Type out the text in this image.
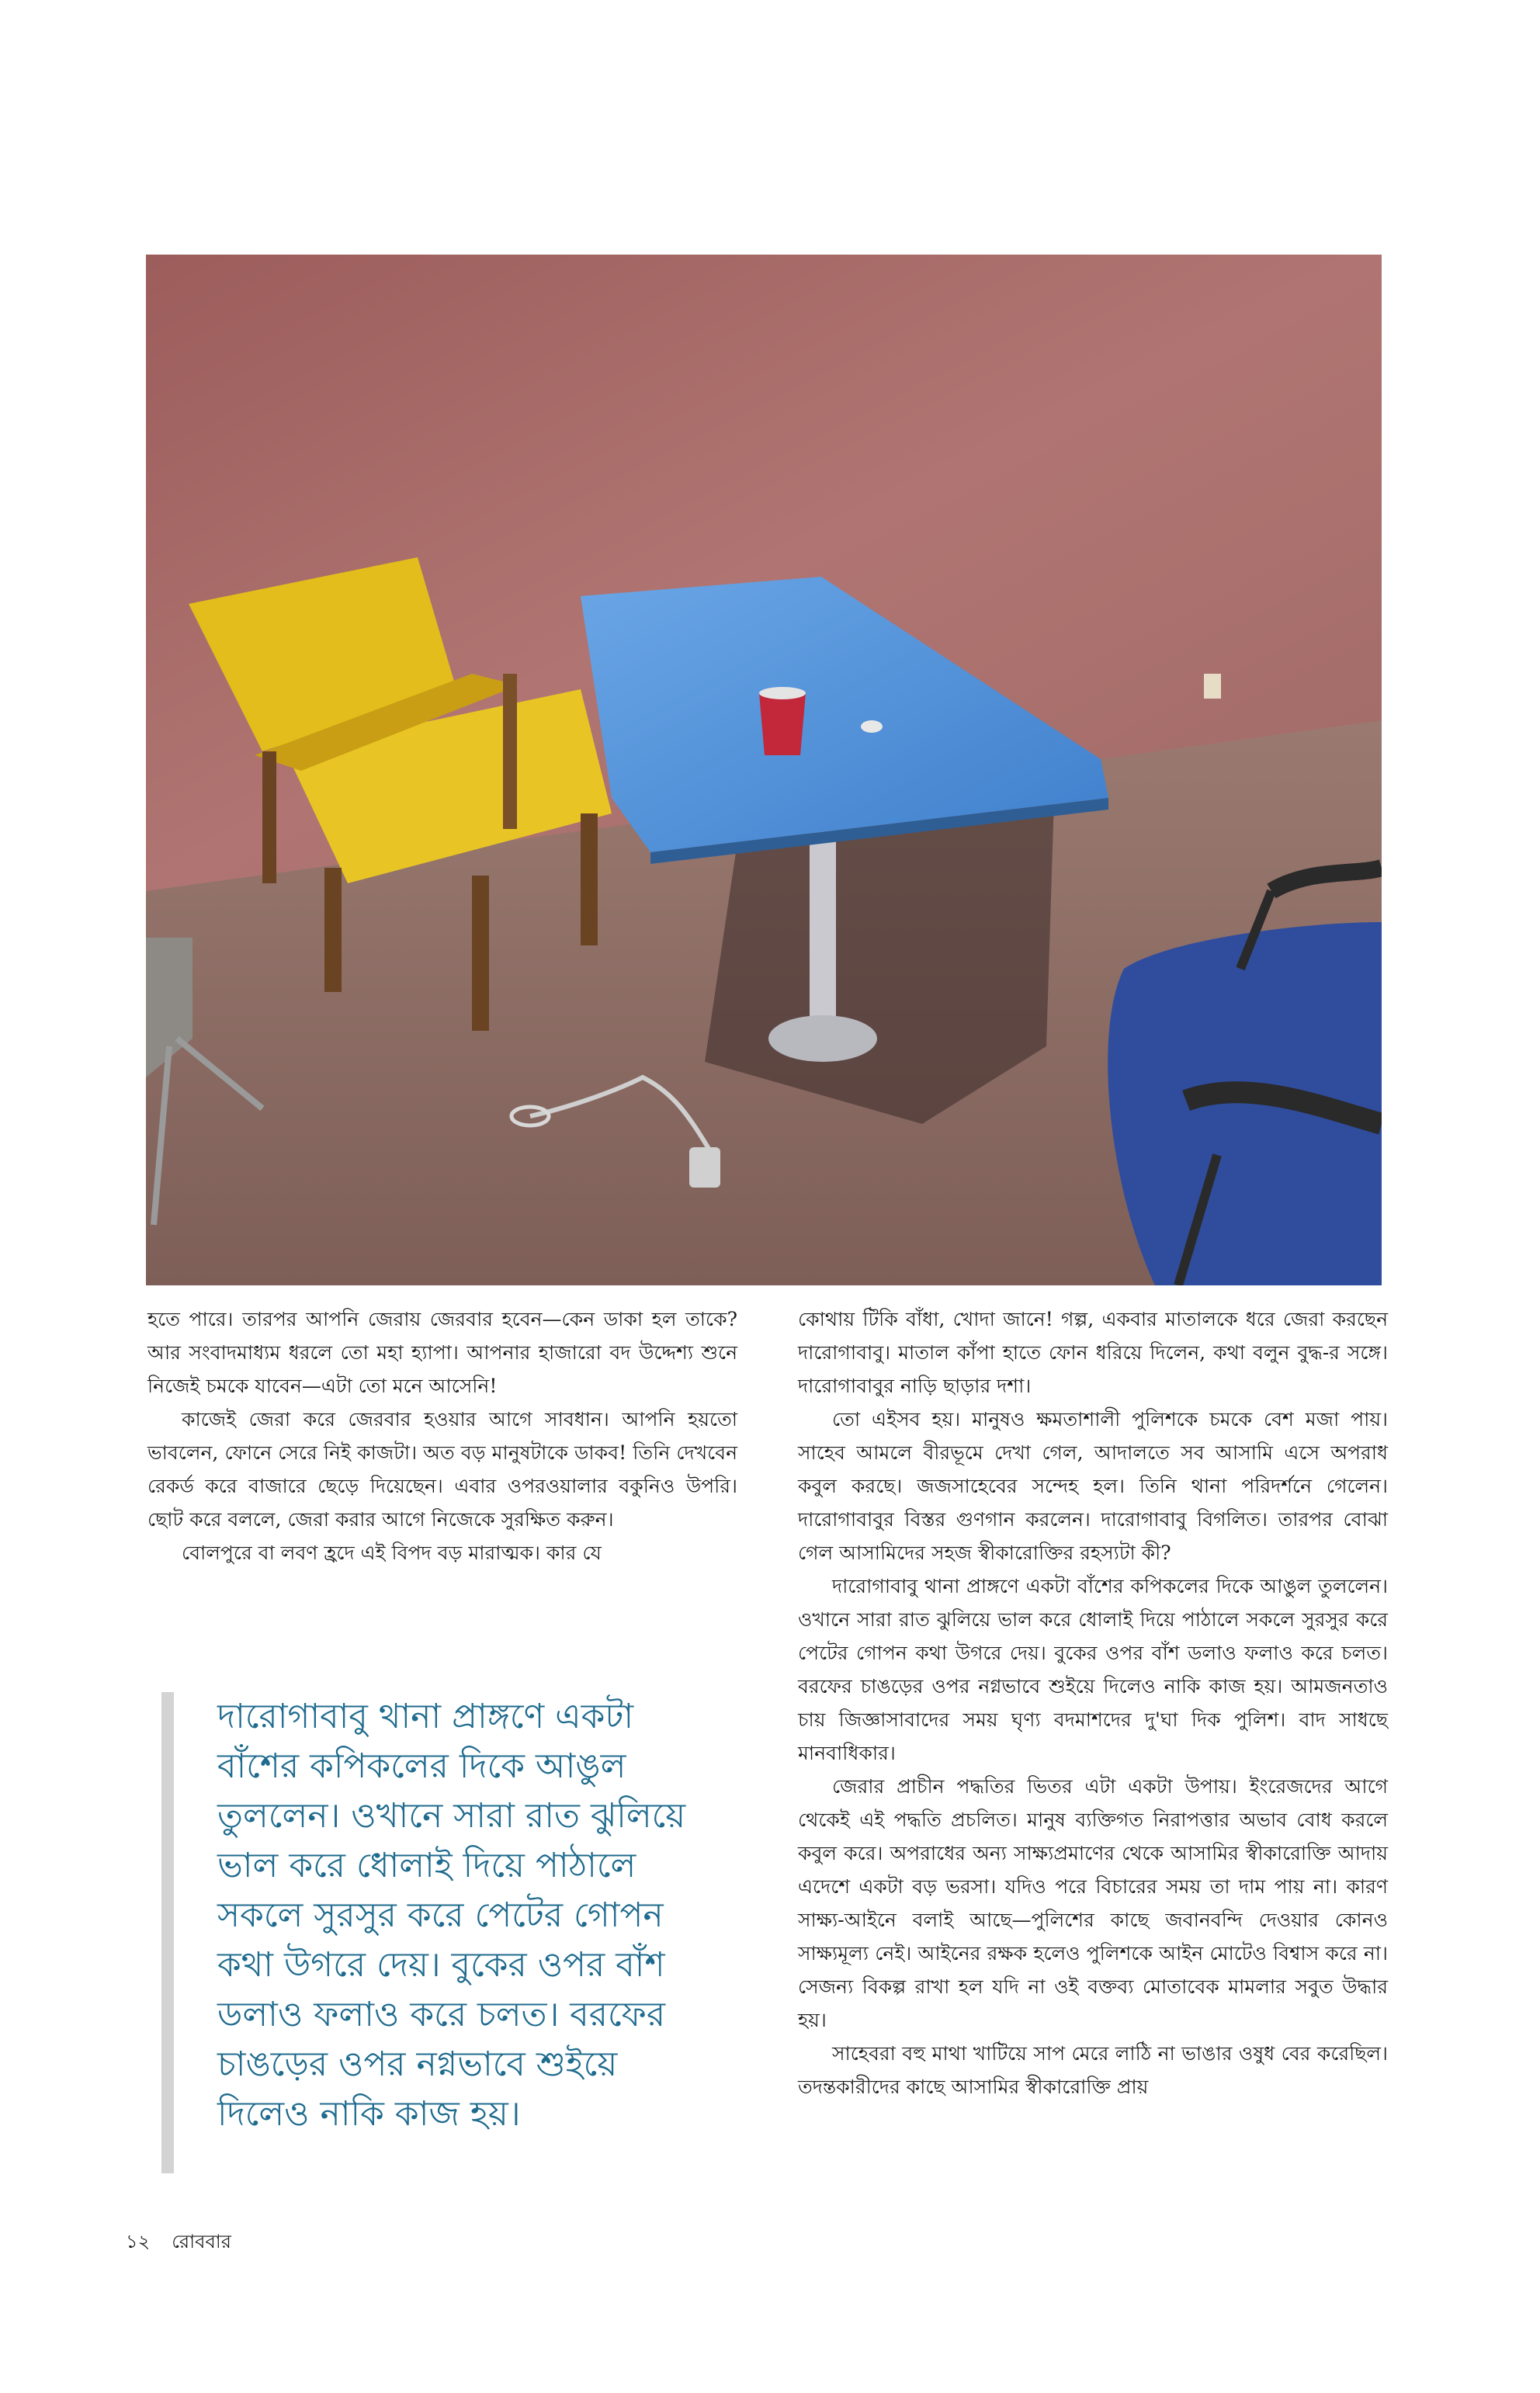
হতে পারে। তারপর আপনি জেরায় জেরবার হবেন—কেন ডাকা হল তাকে? আর সংবাদমাধ্যম ধরলে তো মহা হ্যাপা। আপনার হাজারো বদ উদ্দেশ্য শুনে নিজেই চমকে যাবেন—এটা তো মনে আসেনি!

কাজেই জেরা করে জেরবার হওয়ার আগে সাবধান। আপনি হয়তো ভাবলেন, ফোনে সেরে নিই কাজটা। অত বড় মানুষটাকে ডাকব! তিনি দেখবেন রেকর্ড করে বাজারে ছেড়ে দিয়েছেন। এবার ওপরওয়ালার বকুনিও উপরি। ছোট করে বললে, জেরা করার আগে নিজেকে সুরক্ষিত করুন।

বোলপুরে বা লবণ হ্রদে এই বিপদ বড় মারাত্মক। কার যে

দারোগাবাবু থানা প্রাঙ্গণে একটা বাঁশের কপিকলের দিকে আঙুল তুললেন। ওখানে সারা রাত ঝুলিয়ে ভাল করে ধোলাই দিয়ে পাঠালে সকলে সুরসুর করে পেটের গোপন কথা উগরে দেয়। বুকের ওপর বাঁশ ডলাও ফলাও করে চলত। বরফের চাঙড়ের ওপর নগ্নভাবে শুইয়ে দিলেও নাকি কাজ হয়।

কোথায় টিকি বাঁধা, খোদা জানে! গল্প, একবার মাতালকে ধরে জেরা করছেন দারোগাবাবু। মাতাল কাঁপা হাতে ফোন ধরিয়ে দিলেন, কথা বলুন বুদ্ধ-র সঙ্গে। দারোগাবাবুর নাড়ি ছাড়ার দশা।

তো এইসব হয়। মানুষও ক্ষমতাশালী পুলিশকে চমকে বেশ মজা পায়। সাহেব আমলে বীরভূমে দেখা গেল, আদালতে সব আসামি এসে অপরাধ কবুল করছে। জজসাহেবের সন্দেহ হল। তিনি থানা পরিদর্শনে গেলেন। দারোগাবাবুর বিস্তর গুণগান করলেন। দারোগাবাবু বিগলিত। তারপর বোঝা গেল আসামিদের সহজ স্বীকারোক্তির রহস্যটা কী?

দারোগাবাবু থানা প্রাঙ্গণে একটা বাঁশের কপিকলের দিকে আঙুল তুললেন। ওখানে সারা রাত ঝুলিয়ে ভাল করে ধোলাই দিয়ে পাঠালে সকলে সুরসুর করে পেটের গোপন কথা উগরে দেয়। বুকের ওপর বাঁশ ডলাও ফলাও করে চলত। বরফের চাঙড়ের ওপর নগ্নভাবে শুইয়ে দিলেও নাকি কাজ হয়। আমজনতাও চায় জিজ্ঞাসাবাদের সময় ঘৃণ্য বদমাশদের দু'ঘা দিক পুলিশ। বাদ সাধছে মানবাধিকার।

জেরার প্রাচীন পদ্ধতির ভিতর এটা একটা উপায়। ইংরেজদের আগে থেকেই এই পদ্ধতি প্রচলিত। মানুষ ব্যক্তিগত নিরাপত্তার অভাব বোধ করলে কবুল করে। অপরাধের অন্য সাক্ষ্যপ্রমাণের থেকে আসামির স্বীকারোক্তি আদায় এদেশে একটা বড় ভরসা। যদিও পরে বিচারের সময় তা দাম পায় না। কারণ সাক্ষ্য-আইনে বলাই আছে—পুলিশের কাছে জবানবন্দি দেওয়ার কোনও সাক্ষ্যমূল্য নেই। আইনের রক্ষক হলেও পুলিশকে আইন মোটেও বিশ্বাস করে না। সেজন্য বিকল্প রাখা হল যদি না ওই বক্তব্য মোতাবেক মামলার সবুত উদ্ধার হয়।

সাহেবরা বহু মাথা খাটিয়ে সাপ মেরে লাঠি না ভাঙার ওষুধ বের করেছিল। তদন্তকারীদের কাছে আসামির স্বীকারোক্তি প্রায়

১২ রোববার
